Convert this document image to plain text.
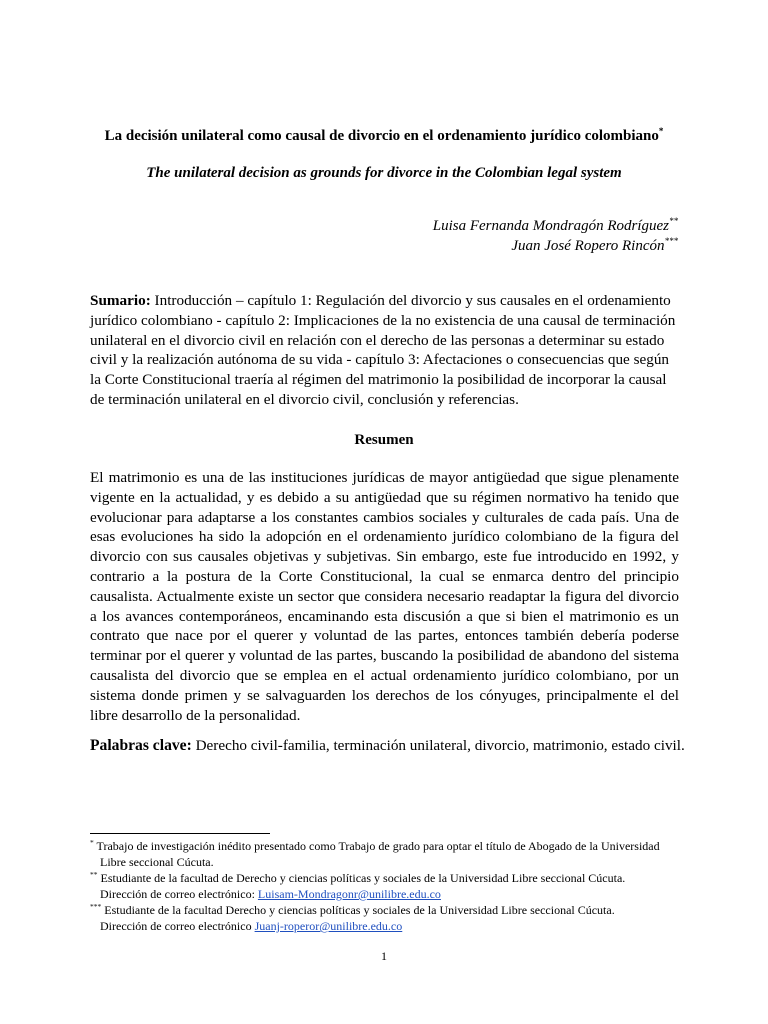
La decisión unilateral como causal de divorcio en el ordenamiento jurídico colombiano*
The unilateral decision as grounds for divorce in the Colombian legal system
Luisa Fernanda Mondragón Rodríguez**
Juan José Ropero Rincón***
Sumario: Introducción – capítulo 1: Regulación del divorcio y sus causales en el ordenamiento jurídico colombiano - capítulo 2: Implicaciones de la no existencia de una causal de terminación unilateral en el divorcio civil en relación con el derecho de las personas a determinar su estado civil y la realización autónoma de su vida - capítulo 3: Afectaciones o consecuencias que según la Corte Constitucional traería al régimen del matrimonio la posibilidad de incorporar la causal de terminación unilateral en el divorcio civil, conclusión y referencias.
Resumen
El matrimonio es una de las instituciones jurídicas de mayor antigüedad que sigue plenamente vigente en la actualidad, y es debido a su antigüedad que su régimen normativo ha tenido que evolucionar para adaptarse a los constantes cambios sociales y culturales de cada país. Una de esas evoluciones ha sido la adopción en el ordenamiento jurídico colombiano de la figura del divorcio con sus causales objetivas y subjetivas. Sin embargo, este fue introducido en 1992, y contrario a la postura de la Corte Constitucional, la cual se enmarca dentro del principio causalista. Actualmente existe un sector que considera necesario readaptar la figura del divorcio a los avances contemporáneos, encaminando esta discusión a que si bien el matrimonio es un contrato que nace por el querer y voluntad de las partes, entonces también debería poderse terminar por el querer y voluntad de las partes, buscando la posibilidad de abandono del sistema causalista del divorcio que se emplea en el actual ordenamiento jurídico colombiano, por un sistema donde primen y se salvaguarden los derechos de los cónyuges, principalmente el del libre desarrollo de la personalidad.
Palabras clave: Derecho civil-familia, terminación unilateral, divorcio, matrimonio, estado civil.
* Trabajo de investigación inédito presentado como Trabajo de grado para optar el título de Abogado de la Universidad
Libre seccional Cúcuta.
** Estudiante de la facultad de Derecho y ciencias políticas y sociales de la Universidad Libre seccional Cúcuta.
Dirección de correo electrónico: Luisam-Mondragonr@unilibre.edu.co
*** Estudiante de la facultad Derecho y ciencias políticas y sociales de la Universidad Libre seccional Cúcuta.
Dirección de correo electrónico Juanj-roperor@unilibre.edu.co
1
